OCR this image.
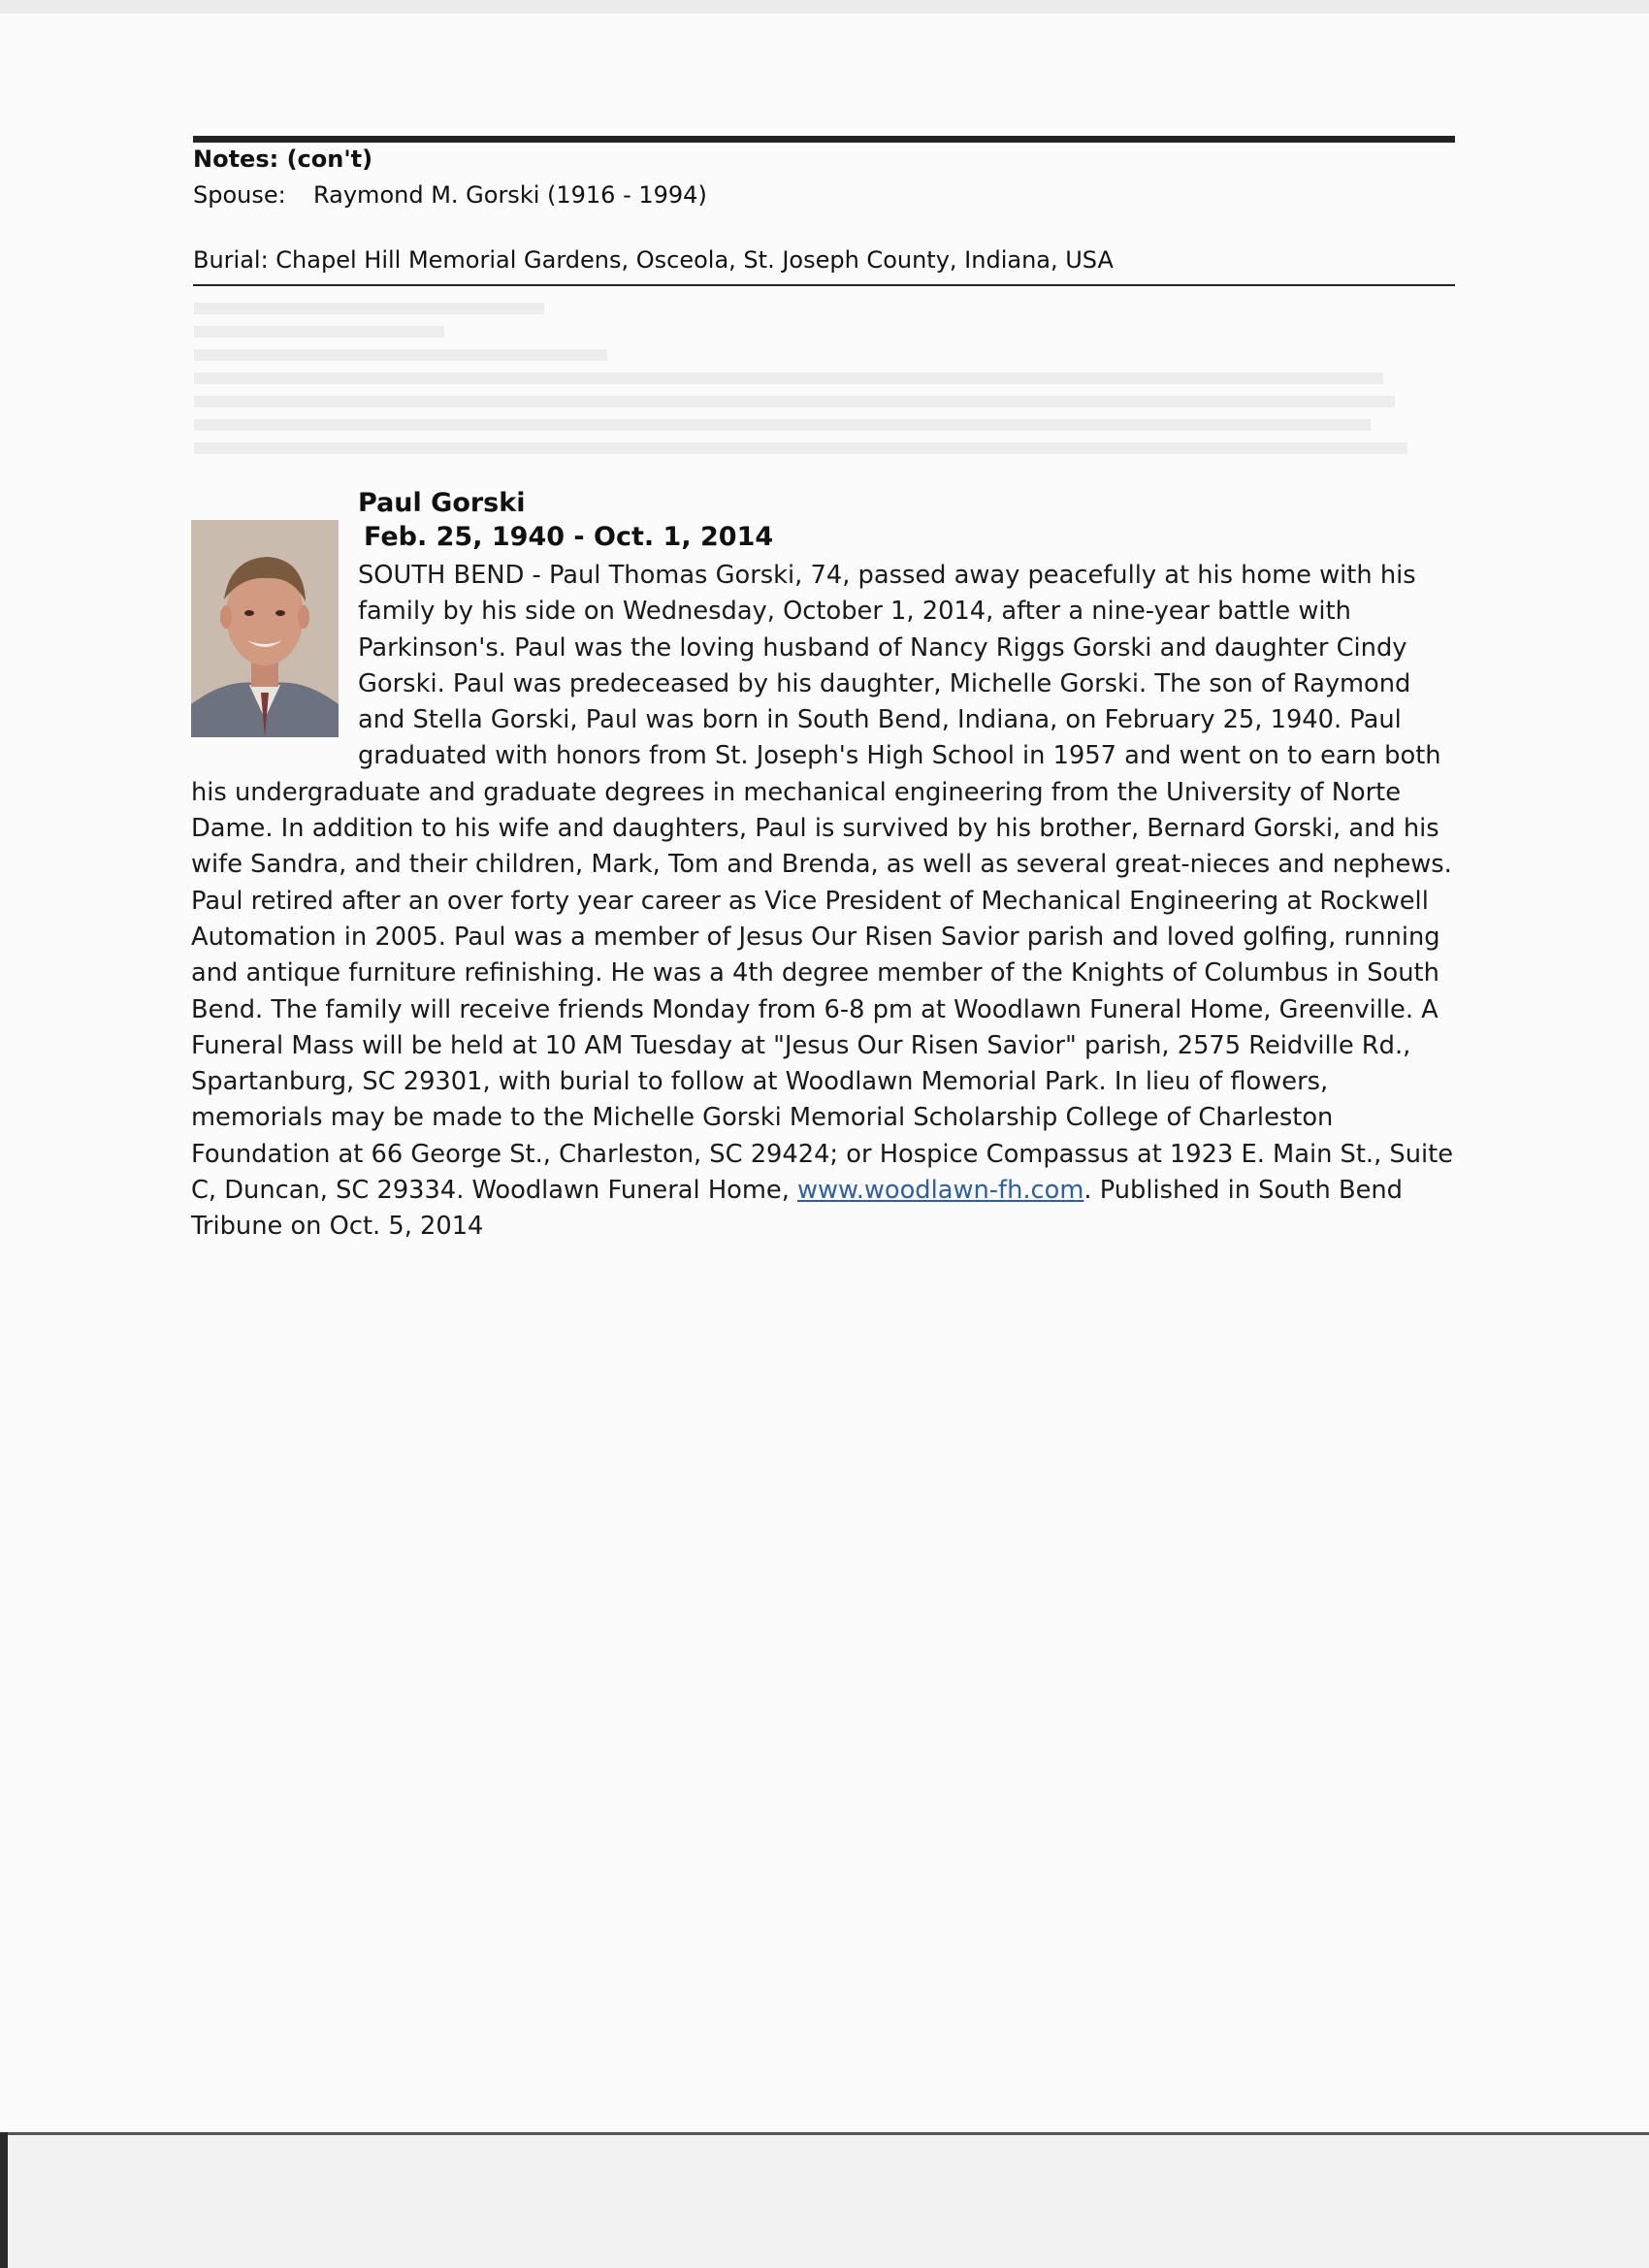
Notes: (con't)
Spouse: Raymond M. Gorski (1916 - 1994)
Burial: Chapel Hill Memorial Gardens, Osceola, St. Joseph County, Indiana, USA
Paul Gorski
Feb. 25, 1940 - Oct. 1, 2014
SOUTH BEND - Paul Thomas Gorski, 74, passed away peacefully at his home with his family by his side on Wednesday, October 1, 2014, after a nine-year battle with Parkinson's. Paul was the loving husband of Nancy Riggs Gorski and daughter Cindy Gorski. Paul was predeceased by his daughter, Michelle Gorski. The son of Raymond and Stella Gorski, Paul was born in South Bend, Indiana, on February 25, 1940. Paul graduated with honors from St. Joseph's High School in 1957 and went on to earn both his undergraduate and graduate degrees in mechanical engineering from the University of Norte Dame. In addition to his wife and daughters, Paul is survived by his brother, Bernard Gorski, and his wife Sandra, and their children, Mark, Tom and Brenda, as well as several great-nieces and nephews. Paul retired after an over forty year career as Vice President of Mechanical Engineering at Rockwell Automation in 2005. Paul was a member of Jesus Our Risen Savior parish and loved golfing, running and antique furniture refinishing. He was a 4th degree member of the Knights of Columbus in South Bend. The family will receive friends Monday from 6-8 pm at Woodlawn Funeral Home, Greenville. A Funeral Mass will be held at 10 AM Tuesday at "Jesus Our Risen Savior" parish, 2575 Reidville Rd., Spartanburg, SC 29301, with burial to follow at Woodlawn Memorial Park. In lieu of flowers, memorials may be made to the Michelle Gorski Memorial Scholarship College of Charleston Foundation at 66 George St., Charleston, SC 29424; or Hospice Compassus at 1923 E. Main St., Suite C, Duncan, SC 29334. Woodlawn Funeral Home, www.woodlawn-fh.com. Published in South Bend Tribune on Oct. 5, 2014
